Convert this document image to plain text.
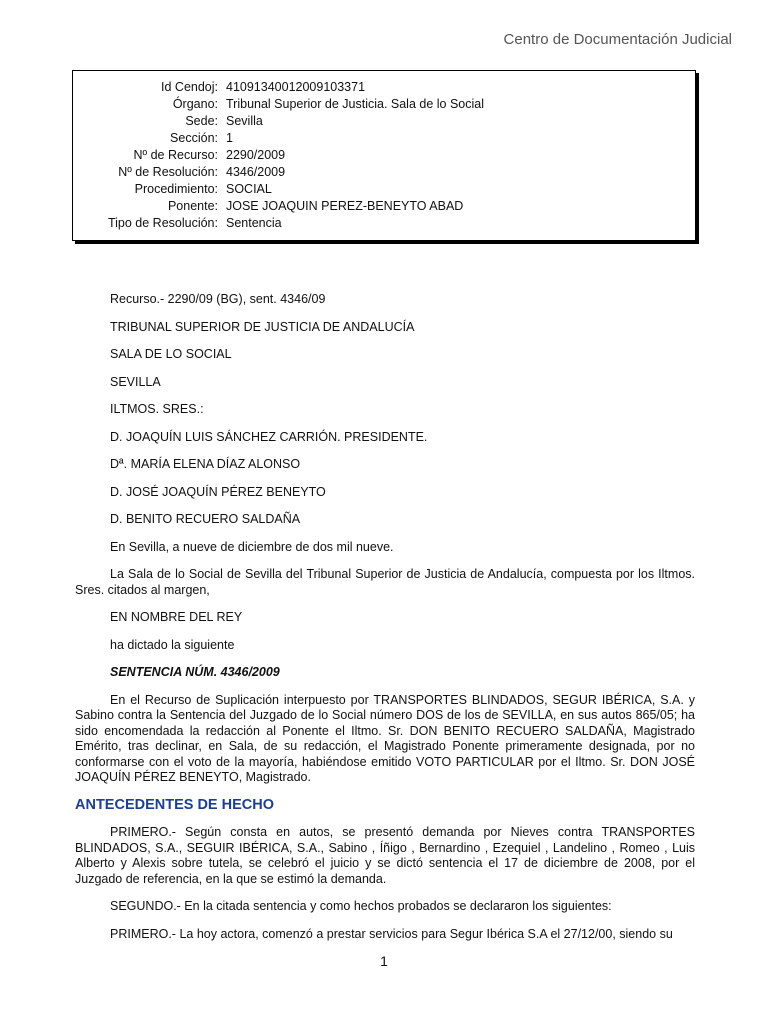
Centro de Documentación Judicial
Id Cendoj: 41091340012009103371
Órgano: Tribunal Superior de Justicia. Sala de lo Social
Sede: Sevilla
Sección: 1
Nº de Recurso: 2290/2009
Nº de Resolución: 4346/2009
Procedimiento: SOCIAL
Ponente: JOSE JOAQUIN PEREZ-BENEYTO ABAD
Tipo de Resolución: Sentencia

Recurso.- 2290/09 (BG), sent. 4346/09

TRIBUNAL SUPERIOR DE JUSTICIA DE ANDALUCÍA

SALA DE LO SOCIAL

SEVILLA

ILTMOS. SRES.:

D. JOAQUÍN LUIS SÁNCHEZ CARRIÓN. PRESIDENTE.

Dª. MARÍA ELENA DÍAZ ALONSO

D. JOSÉ JOAQUÍN PÉREZ BENEYTO

D. BENITO RECUERO SALDAÑA

En Sevilla, a nueve de diciembre de dos mil nueve.

La Sala de lo Social de Sevilla del Tribunal Superior de Justicia de Andalucía, compuesta por los Iltmos. Sres. citados al margen,

EN NOMBRE DEL REY

ha dictado la siguiente

SENTENCIA NÚM. 4346/2009

En el Recurso de Suplicación interpuesto por TRANSPORTES BLINDADOS, SEGUR IBÉRICA, S.A. y Sabino contra la Sentencia del Juzgado de lo Social número DOS de los de SEVILLA, en sus autos 865/05; ha sido encomendada la redacción al Ponente el Iltmo. Sr. DON BENITO RECUERO SALDAÑA, Magistrado Emérito, tras declinar, en Sala, de su redacción, el Magistrado Ponente primeramente designada, por no conformarse con el voto de la mayoría, habiéndose emitido VOTO PARTICULAR por el Iltmo. Sr. DON JOSÉ JOAQUÍN PÉREZ BENEYTO, Magistrado.

ANTECEDENTES DE HECHO

PRIMERO.- Según consta en autos, se presentó demanda por Nieves contra TRANSPORTES BLINDADOS, S.A., SEGUIR IBÉRICA, S.A., Sabino , Íñigo , Bernardino , Ezequiel , Landelino , Romeo , Luis Alberto y Alexis sobre tutela, se celebró el juicio y se dictó sentencia el 17 de diciembre de 2008, por el Juzgado de referencia, en la que se estimó la demanda.

SEGUNDO.- En la citada sentencia y como hechos probados se declararon los siguientes:

PRIMERO.- La hoy actora, comenzó a prestar servicios para Segur Ibérica S.A el 27/12/00, siendo su

1
